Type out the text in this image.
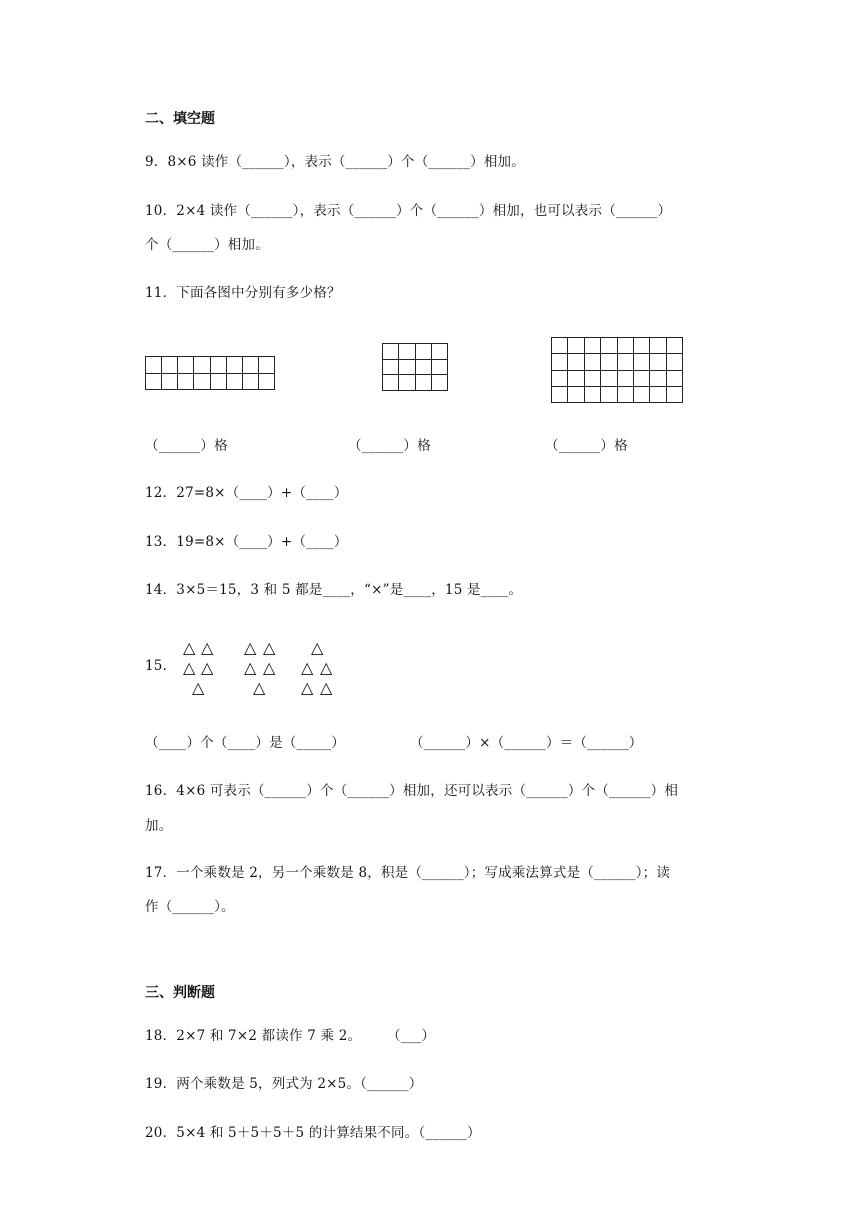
二、填空题
9．8×6 读作（______），表示（______）个（______）相加。
10．2×4 读作（______），表示（______）个（______）相加，也可以表示（______）
个（______）相加。
11．下面各图中分别有多少格？
（______）格	（______）格	（______）格
12．27=8×（____）+（____）
13．19=8×（____）+（____）
14．3×5＝15，3 和 5 都是____，“×”是____，15 是____。
15．
△ △
△ △
△
△ △
△ △
△
△
△ △
△ △
（____）个（____）是（_____）	（______）×（______）＝（______）
16．4×6 可表示（______）个（______）相加，还可以表示（______）个（______）相
加。
17．一个乘数是 2，另一个乘数是 8，积是（______）；写成乘法算式是（______）；读
作（______）。
三、判断题
18．2×7 和 7×2 都读作 7 乘 2。 （___）
19．两个乘数是 5，列式为 2×5。（______）
20．5×4 和 5＋5＋5＋5 的计算结果不同。（______）
